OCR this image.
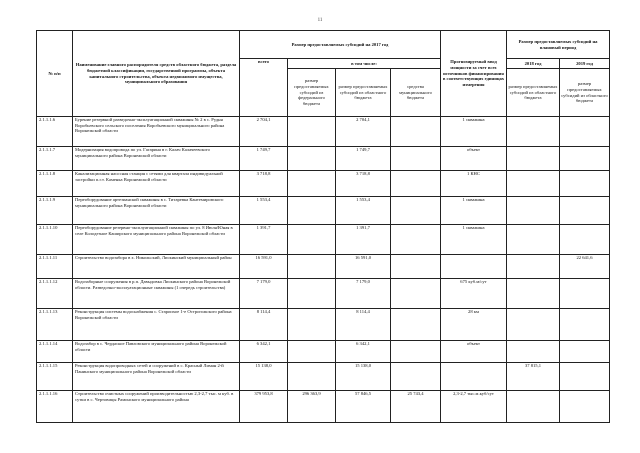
11
№ п/п	Наименование главного распорядителя средств областного бюджета, раздела бюджетной классификации, государственной программы, объекта капитального строительства, объекта недвижимого имущества, муниципального образования	Размер предоставляемых субсидий на 2017 год				Прогнозируемый ввод мощности за счет всех источников финансирования в соответствующих единицах измерения	Размер предоставляемых субсидий на плановый период	
		всего	в том числе:				2018 год	2019 год
			размер предоставляемых субсидий из федерального бюджета	размер предоставляемых субсидий из областного бюджета	средства муниципального бюджета		размер предоставляемых субсидий из областного бюджета	размер предоставляемых субсидий из областного бюджета
2.1.1.1.6	Бурение резервной разведочно-эксплуатационной скважины № 2 в с. Рудня Воробьевского сельского поселения Воробьевского муниципального района Воронежской области	2 704,1		2 704,1		1 скважина		
2.1.1.1.7	Модернизация водопровода по ул. Гагарина в г. Калач Калачеевского муниципального района Воронежской области	1 749,7		1 749,7		объект		
2.1.1.1.8	Канализационная насосная станция с сетями для квартала индивидуальной застройки п.г.т. Каменка Воронежской области	3 718,8		3 718,8		1 КНС		
2.1.1.1.9	Переоборудование артезианской скважины в с. Титаревка Кантемировского муниципального района Воронежской области	1 553,4		1 553,4		1 скважина		
2.1.1.1.10	Переоборудование резервно-эксплуатационной скважины по ул. 8 Июля/Юная в селе Колодезное Каширского муниципального района Воронежской области	1 391,7		1 391,7		1 скважина		
2.1.1.1.11	Строительство водозабора в х. Никольский, Лискинский муниципальный район	16 591,0		16 591,0				22 641,6
2.1.1.1.12	Водозаборные сооружения в р.п. Давыдовка Лискинского района Воронежской области. Разведочно-эксплуатационные скважины (1 очередь строительства)	7 179,0		7 179,0		675 куб.м/сут		
2.1.1.1.13	Реконструкция системы водоснабжения с. Староихое 1-е Острогожского района Воронежской области	8 114,4		8 114,4		28 км		
2.1.1.1.14	Водозабор в с. Чердаское Павловского муниципального района Воронежской области	6 342,1		6 342,1		объект		
2.1.1.1.15	Реконструкция водопроводных сетей и сооружений в с. Красный Лиман 2-й Панинского муниципального района Воронежской области	15 138,0		15 138,0			37 815,1	
2.1.1.1.16	Строительство очистных сооружений производительностью 2,3-2,7 тыс. м куб. в сутки в с. Чертовицы Рамонского муниципального района	379 953,8	296 363,9	57 846,5	25 743,4	2,3-2,7 тыс.м.куб/сут		
